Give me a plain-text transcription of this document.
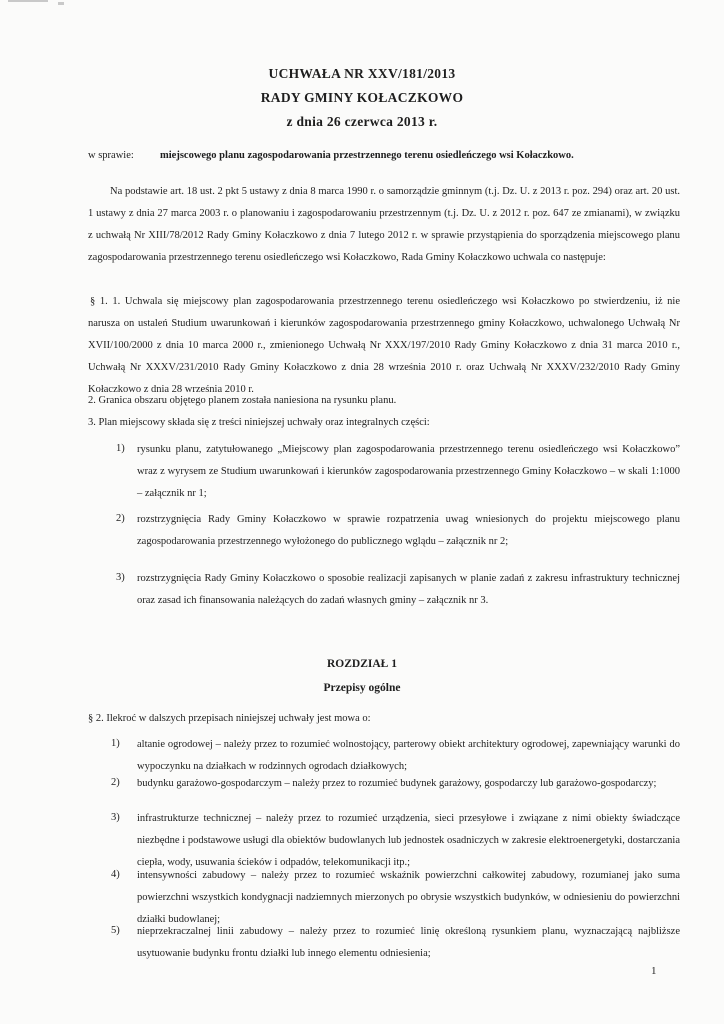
UCHWAŁA NR XXV/181/2013
RADY GMINY KOŁACZKOWO
z dnia 26 czerwca 2013 r.
w sprawie: miejscowego planu zagospodarowania przestrzennego terenu osiedleńczego wsi Kołaczkowo.
Na podstawie art. 18 ust. 2 pkt 5 ustawy z dnia 8 marca 1990 r. o samorządzie gminnym (t.j. Dz. U. z 2013 r. poz. 294) oraz art. 20 ust. 1 ustawy z dnia 27 marca 2003 r. o planowaniu i zagospodarowaniu przestrzennym (t.j. Dz. U. z 2012 r. poz. 647 ze zmianami), w związku z uchwałą Nr XIII/78/2012 Rady Gminy Kołaczkowo z dnia 7 lutego 2012 r. w sprawie przystąpienia do sporządzenia miejscowego planu zagospodarowania przestrzennego terenu osiedleńczego wsi Kołaczkowo, Rada Gminy Kołaczkowo uchwala co następuje:
§ 1. 1. Uchwala się miejscowy plan zagospodarowania przestrzennego terenu osiedleńczego wsi Kołaczkowo po stwierdzeniu, iż nie narusza on ustaleń Studium uwarunkowań i kierunków zagospodarowania przestrzennego gminy Kołaczkowo, uchwalonego Uchwałą Nr XVII/100/2000 z dnia 10 marca 2000 r., zmienionego Uchwałą Nr XXX/197/2010 Rady Gminy Kołaczkowo z dnia 31 marca 2010 r., Uchwałą Nr XXXV/231/2010 Rady Gminy Kołaczkowo z dnia 28 września 2010 r. oraz Uchwałą Nr XXXV/232/2010 Rady Gminy Kołaczkowo z dnia 28 września 2010 r.
2. Granica obszaru objętego planem została naniesiona na rysunku planu.
3. Plan miejscowy składa się z treści niniejszej uchwały oraz integralnych części:
1) rysunku planu, zatytułowanego „Miejscowy plan zagospodarowania przestrzennego terenu osiedleńczego wsi Kołaczkowo” wraz z wyrysem ze Studium uwarunkowań i kierunków zagospodarowania przestrzennego Gminy Kołaczkowo – w skali 1:1000 – załącznik nr 1;
2) rozstrzygnięcia Rady Gminy Kołaczkowo w sprawie rozpatrzenia uwag wniesionych do projektu miejscowego planu zagospodarowania przestrzennego wyłożonego do publicznego wglądu – załącznik nr 2;
3) rozstrzygnięcia Rady Gminy Kołaczkowo o sposobie realizacji zapisanych w planie zadań z zakresu infrastruktury technicznej oraz zasad ich finansowania należących do zadań własnych gminy – załącznik nr 3.
ROZDZIAŁ 1
Przepisy ogólne
§ 2. Ilekroć w dalszych przepisach niniejszej uchwały jest mowa o:
1) altanie ogrodowej – należy przez to rozumieć wolnostojący, parterowy obiekt architektury ogrodowej, zapewniający warunki do wypoczynku na działkach w rodzinnych ogrodach działkowych;
2) budynku garażowo-gospodarczym – należy przez to rozumieć budynek garażowy, gospodarczy lub garażowo-gospodarczy;
3) infrastrukturze technicznej – należy przez to rozumieć urządzenia, sieci przesyłowe i związane z nimi obiekty świadczące niezbędne i podstawowe usługi dla obiektów budowlanych lub jednostek osadniczych w zakresie elektroenergetyki, dostarczania ciepła, wody, usuwania ścieków i odpadów, telekomunikacji itp.;
4) intensywności zabudowy – należy przez to rozumieć wskaźnik powierzchni całkowitej zabudowy, rozumianej jako suma powierzchni wszystkich kondygnacji nadziemnych mierzonych po obrysie wszystkich budynków, w odniesieniu do powierzchni działki budowlanej;
5) nieprzekraczalnej linii zabudowy – należy przez to rozumieć linię określoną rysunkiem planu, wyznaczającą najbliższe usytuowanie budynku frontu działki lub innego elementu odniesienia;
1
